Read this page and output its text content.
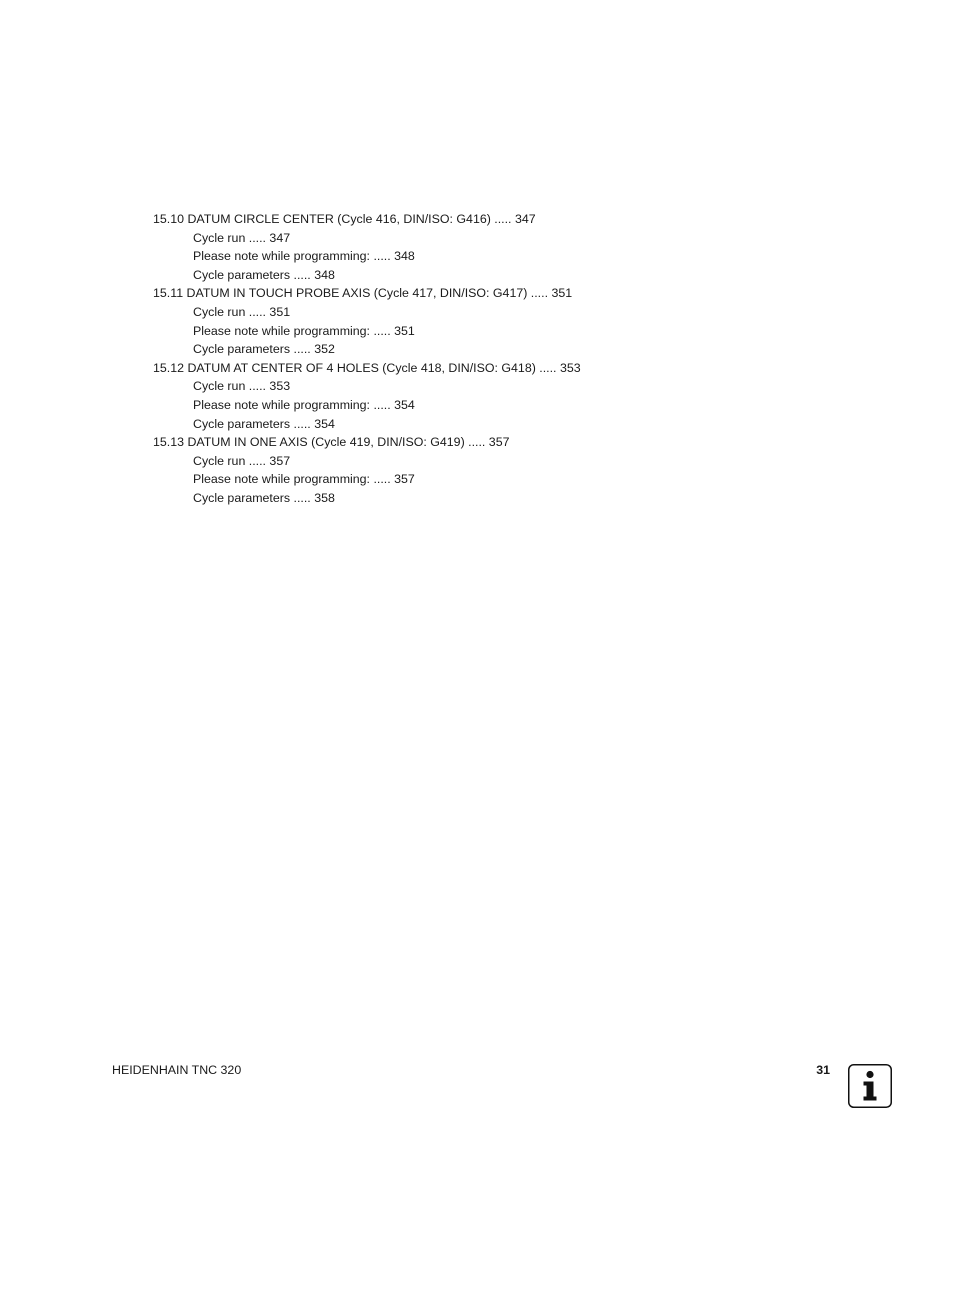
15.10 DATUM CIRCLE CENTER (Cycle 416, DIN/ISO: G416) ..... 347
Cycle run ..... 347
Please note while programming: ..... 348
Cycle parameters ..... 348
15.11 DATUM IN TOUCH PROBE AXIS (Cycle 417, DIN/ISO: G417) ..... 351
Cycle run ..... 351
Please note while programming: ..... 351
Cycle parameters ..... 352
15.12 DATUM AT CENTER OF 4 HOLES (Cycle 418, DIN/ISO: G418) ..... 353
Cycle run ..... 353
Please note while programming: ..... 354
Cycle parameters ..... 354
15.13 DATUM IN ONE AXIS (Cycle 419, DIN/ISO: G419) ..... 357
Cycle run ..... 357
Please note while programming: ..... 357
Cycle parameters ..... 358
HEIDENHAIN TNC 320	31
